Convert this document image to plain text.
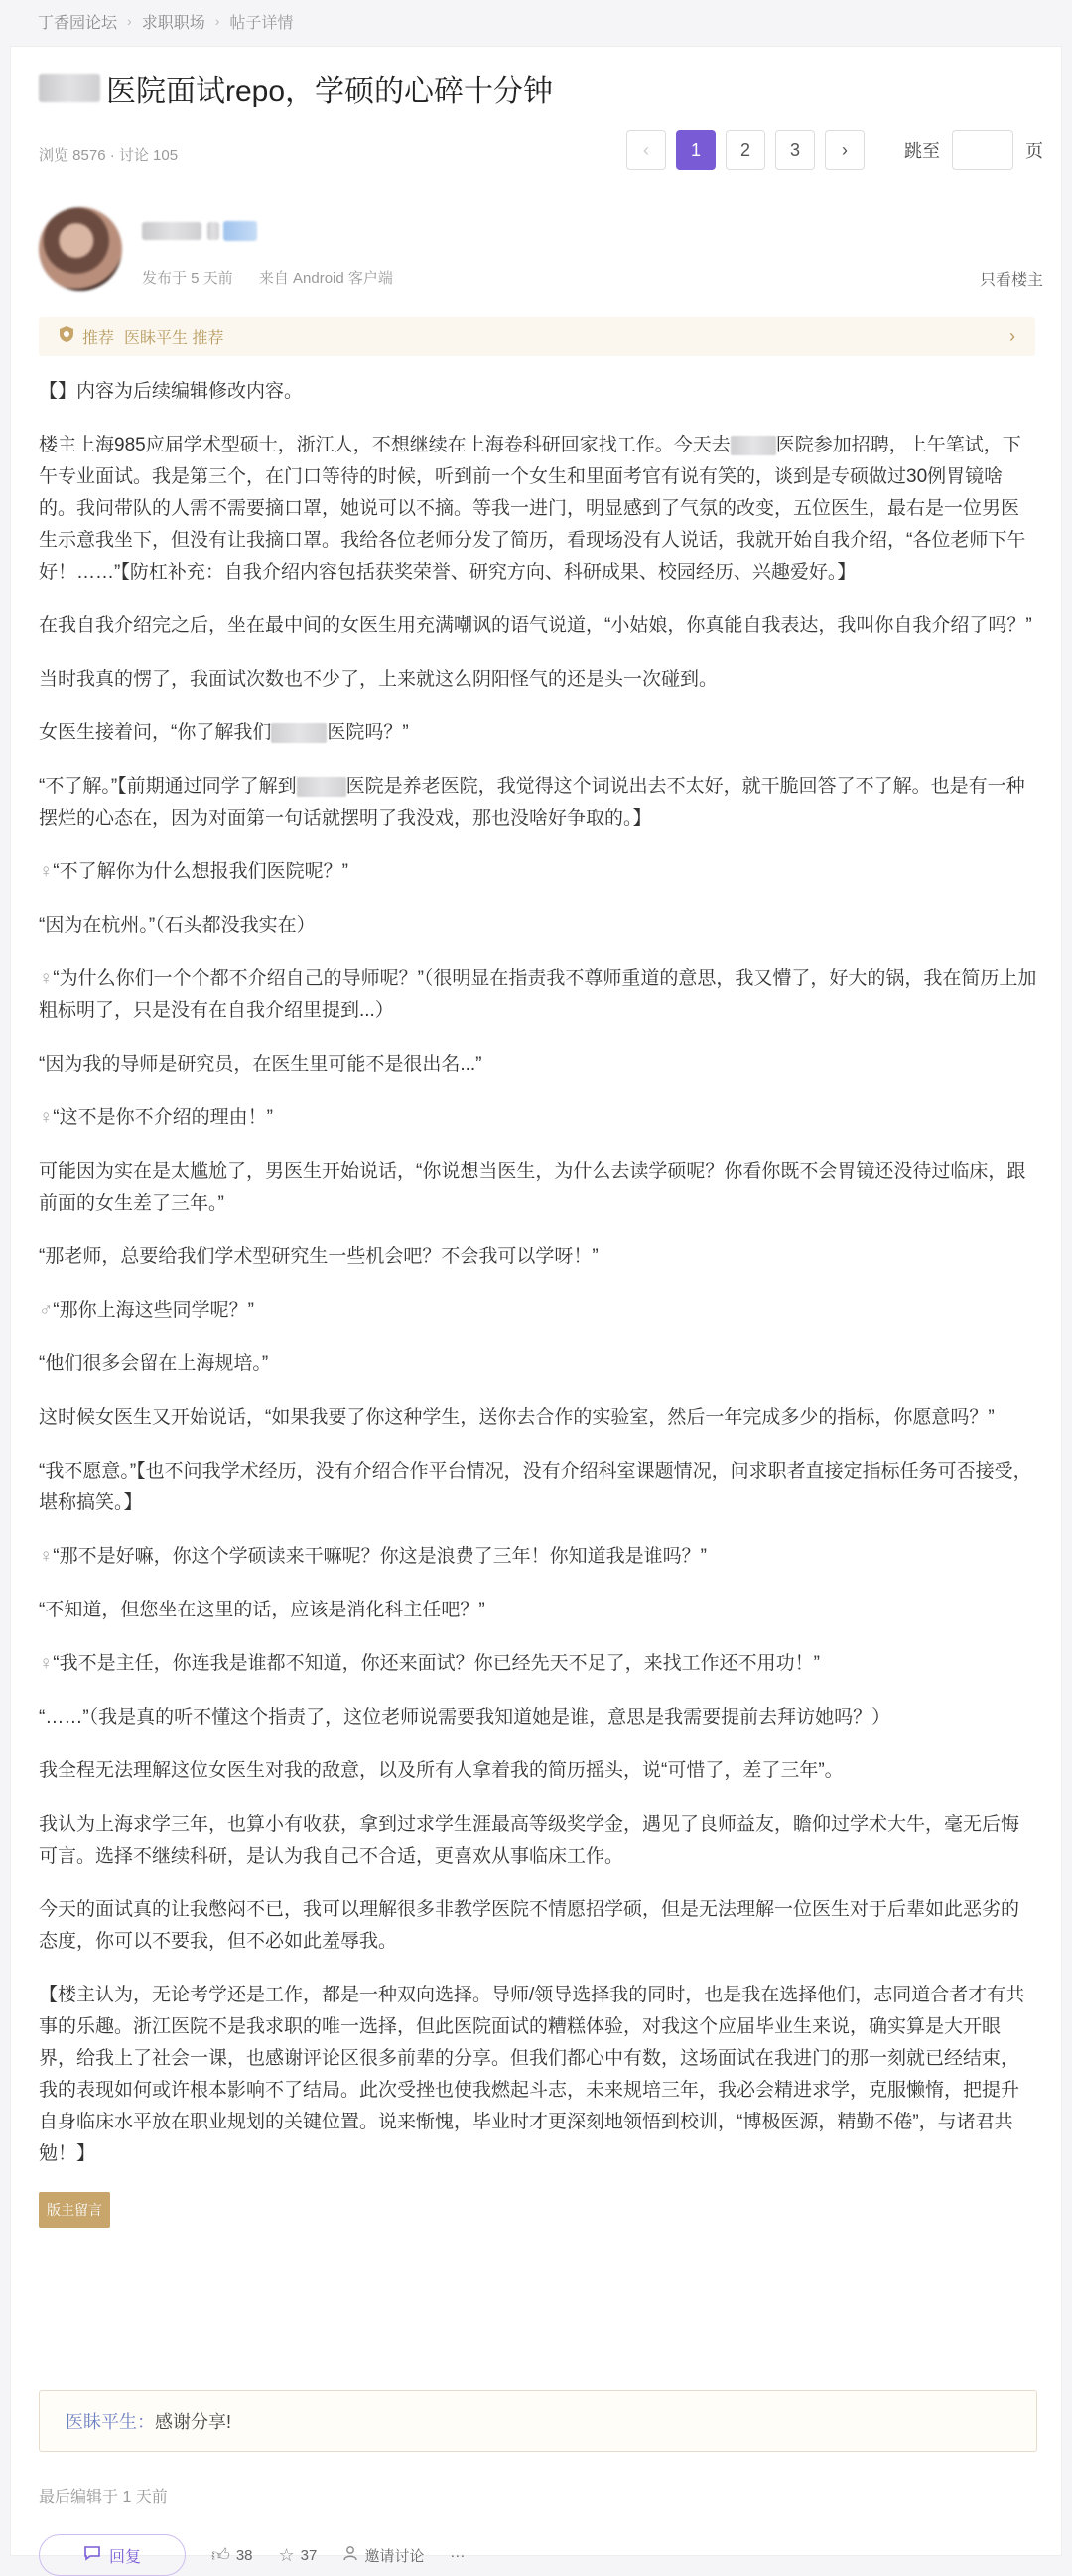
丁香园论坛 › 求职职场 › 帖子详情
医院面试repo，学硕的心碎十分钟
浏览 8576 · 讨论 105	‹	1	2	3	›	跳至	页
发布于 5 天前 来自 Android 客户端	只看楼主
推荐 医眛平生 推荐	›

【】内容为后续编辑修改内容。

楼主上海985应届学术型硕士，浙江人，不想继续在上海卷科研回家找工作。今天去 医院参加招聘，上午笔试，下午专业面试。我是第三个，在门口等待的时候，听到前一个女生和里面考官有说有笑的，谈到是专硕做过30例胃镜啥的。我问带队的人需不需要摘口罩，她说可以不摘。等我一进门，明显感到了气氛的改变，五位医生，最右是一位男医生示意我坐下，但没有让我摘口罩。我给各位老师分发了简历，看现场没有人说话，我就开始自我介绍，“各位老师下午好！……”【防杠补充：自我介绍内容包括获奖荣誉、研究方向、科研成果、校园经历、兴趣爱好。】

在我自我介绍完之后，坐在最中间的女医生用充满嘲讽的语气说道，“小姑娘，你真能自我表达，我叫你自我介绍了吗？”

当时我真的愣了，我面试次数也不少了，上来就这么阴阳怪气的还是头一次碰到。

女医生接着问，“你了解我们	医院吗？”

“不了解。”【前期通过同学了解到	医院是养老医院，我觉得这个词说出去不太好，就干脆回答了不了解。也是有一种摆烂的心态在，因为对面第一句话就摆明了我没戏，那也没啥好争取的。】

♀“不了解你为什么想报我们医院呢？”

“因为在杭州。”（石头都没我实在）

♀“为什么你们一个个都不介绍自己的导师呢？”（很明显在指责我不尊师重道的意思，我又懵了，好大的锅，我在简历上加粗标明了，只是没有在自我介绍里提到...）

“因为我的导师是研究员，在医生里可能不是很出名...”

♀“这不是你不介绍的理由！”

可能因为实在是太尴尬了，男医生开始说话，“你说想当医生，为什么去读学硕呢？你看你既不会胃镜还没待过临床，跟前面的女生差了三年。”

“那老师，总要给我们学术型研究生一些机会吧？不会我可以学呀！”

♂“那你上海这些同学呢？”

“他们很多会留在上海规培。”

这时候女医生又开始说话，“如果我要了你这种学生，送你去合作的实验室，然后一年完成多少的指标，你愿意吗？”

“我不愿意。”【也不问我学术经历，没有介绍合作平台情况，没有介绍科室课题情况，问求职者直接定指标任务可否接受，堪称搞笑。】

♀“那不是好嘛，你这个学硕读来干嘛呢？你这是浪费了三年！你知道我是谁吗？”

“不知道，但您坐在这里的话，应该是消化科主任吧？”

♀“我不是主任，你连我是谁都不知道，你还来面试？你已经先天不足了，来找工作还不用功！”

“……”（我是真的听不懂这个指责了，这位老师说需要我知道她是谁，意思是我需要提前去拜访她吗？）

我全程无法理解这位女医生对我的敌意，以及所有人拿着我的简历摇头，说“可惜了，差了三年”。

我认为上海求学三年，也算小有收获，拿到过求学生涯最高等级奖学金，遇见了良师益友，瞻仰过学术大牛，毫无后悔可言。选择不继续科研，是认为我自己不合适，更喜欢从事临床工作。

今天的面试真的让我憋闷不已，我可以理解很多非教学医院不情愿招学硕，但是无法理解一位医生对于后辈如此恶劣的态度，你可以不要我，但不必如此羞辱我。

【楼主认为，无论考学还是工作，都是一种双向选择。导师/领导选择我的同时，也是我在选择他们，志同道合者才有共事的乐趣。浙江医院不是我求职的唯一选择，但此医院面试的糟糕体验，对我这个应届毕业生来说，确实算是大开眼界，给我上了社会一课，也感谢评论区很多前辈的分享。但我们都心中有数，这场面试在我进门的那一刻就已经结束，我的表现如何或许根本影响不了结局。此次受挫也使我燃起斗志，未来规培三年，我必会精进求学，克服懒惰，把提升自身临床水平放在职业规划的关键位置。说来惭愧，毕业时才更深刻地领悟到校训，“博极医源，精勤不倦”，与诸君共勉！】

版主留言
医眛平生： 感谢分享!
最后编辑于 1 天前
回复	👍︎ 38 ☆ 37	邀请讨论 ···
